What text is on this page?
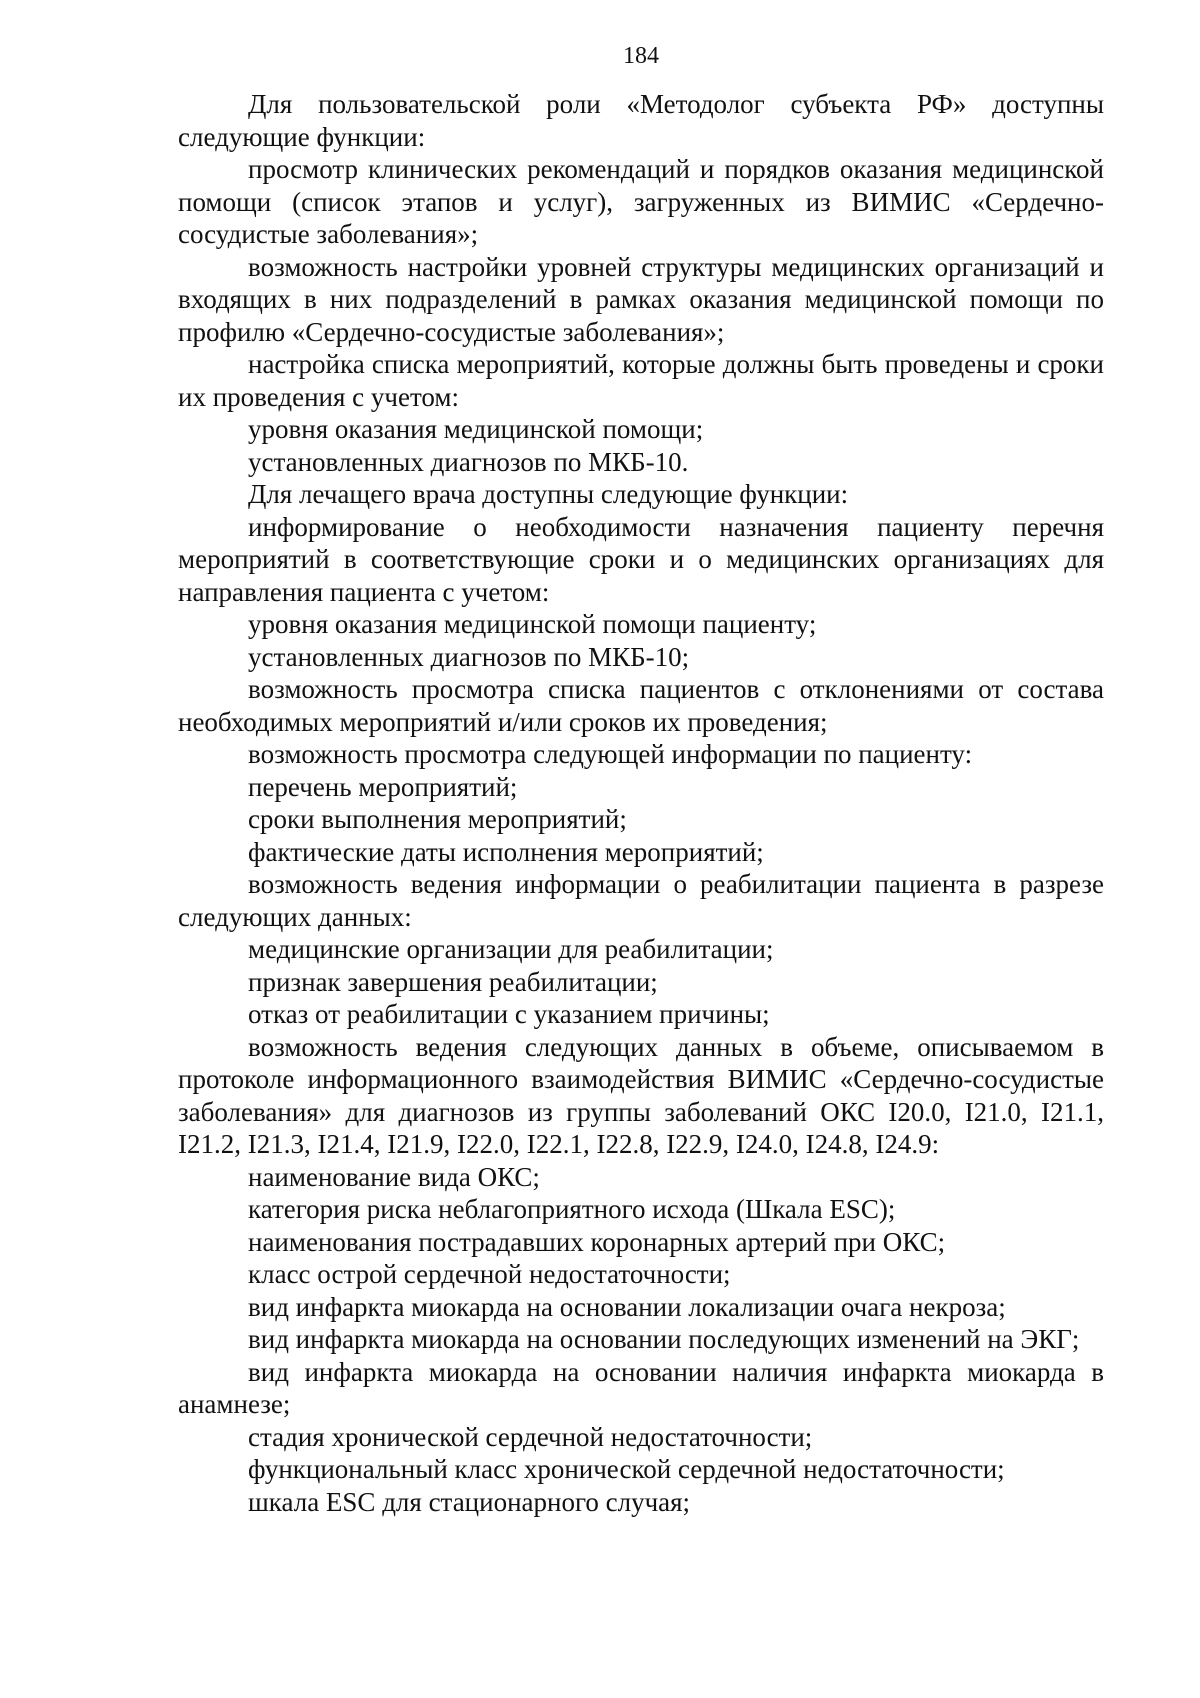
184

Для пользовательской роли «Методолог субъекта РФ» доступны следующие функции:

просмотр клинических рекомендаций и порядков оказания медицинской помощи (список этапов и услуг), загруженных из ВИМИС «Сердечно-сосудистые заболевания»;

возможность настройки уровней структуры медицинских организаций и входящих в них подразделений в рамках оказания медицинской помощи по профилю «Сердечно-сосудистые заболевания»;

настройка списка мероприятий, которые должны быть проведены и сроки их проведения с учетом:

уровня оказания медицинской помощи;

установленных диагнозов по МКБ-10.

Для лечащего врача доступны следующие функции:

информирование о необходимости назначения пациенту перечня мероприятий в соответствующие сроки и о медицинских организациях для направления пациента с учетом:

уровня оказания медицинской помощи пациенту;

установленных диагнозов по МКБ-10;

возможность просмотра списка пациентов с отклонениями от состава необходимых мероприятий и/или сроков их проведения;

возможность просмотра следующей информации по пациенту:

перечень мероприятий;

сроки выполнения мероприятий;

фактические даты исполнения мероприятий;

возможность ведения информации о реабилитации пациента в разрезе следующих данных:

медицинские организации для реабилитации;

признак завершения реабилитации;

отказ от реабилитации с указанием причины;

возможность ведения следующих данных в объеме, описываемом в протоколе информационного взаимодействия ВИМИС «Сердечно-сосудистые заболевания» для диагнозов из группы заболеваний ОКС I20.0, I21.0, I21.1, I21.2, I21.3, I21.4, I21.9, I22.0, I22.1, I22.8, I22.9, I24.0, I24.8, I24.9:

наименование вида ОКС;

категория риска неблагоприятного исхода (Шкала ESC);

наименования пострадавших коронарных артерий при ОКС;

класс острой сердечной недостаточности;

вид инфаркта миокарда на основании локализации очага некроза;

вид инфаркта миокарда на основании последующих изменений на ЭКГ;

вид инфаркта миокарда на основании наличия инфаркта миокарда в анамнезе;

стадия хронической сердечной недостаточности;

функциональный класс хронической сердечной недостаточности;

шкала ESC для стационарного случая;
